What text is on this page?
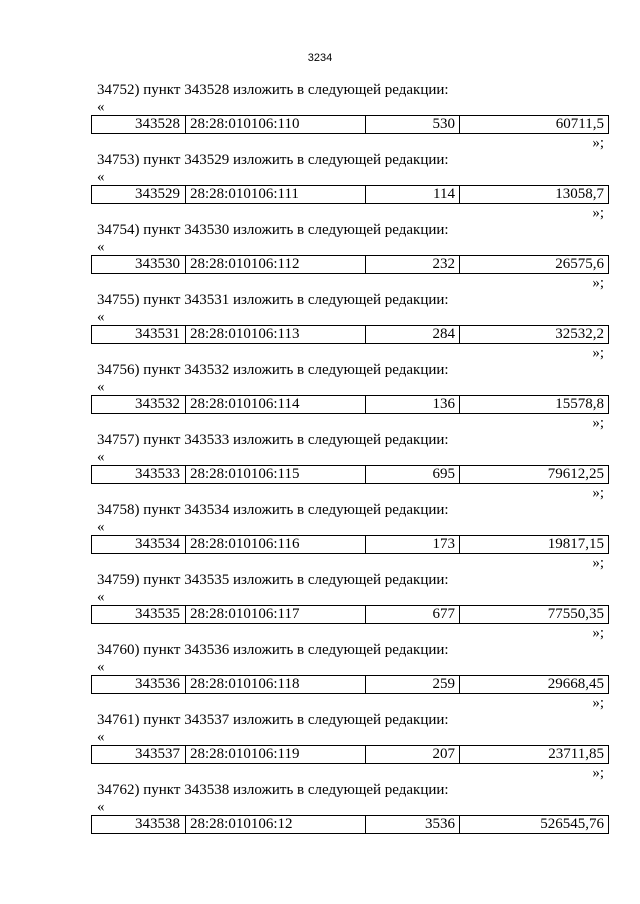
3234
34752) пункт 343528 изложить в следующей редакции:
«
343528 28:28:010106:110	530	60711,5
»;
34753) пункт 343529 изложить в следующей редакции:
«
343529 28:28:010106:111	114	13058,7
»;
34754) пункт 343530 изложить в следующей редакции:
«
343530 28:28:010106:112	232	26575,6
»;
34755) пункт 343531 изложить в следующей редакции:
«
343531 28:28:010106:113	284	32532,2
»;
34756) пункт 343532 изложить в следующей редакции:
«
343532 28:28:010106:114	136	15578,8
»;
34757) пункт 343533 изложить в следующей редакции:
«
343533 28:28:010106:115	695	79612,25
»;
34758) пункт 343534 изложить в следующей редакции:
«
343534 28:28:010106:116	173	19817,15
»;
34759) пункт 343535 изложить в следующей редакции:
«
343535 28:28:010106:117	677	77550,35
»;
34760) пункт 343536 изложить в следующей редакции:
«
343536 28:28:010106:118	259	29668,45
»;
34761) пункт 343537 изложить в следующей редакции:
«
343537 28:28:010106:119	207	23711,85
»;
34762) пункт 343538 изложить в следующей редакции:
«
343538 28:28:010106:12	3536	526545,76
